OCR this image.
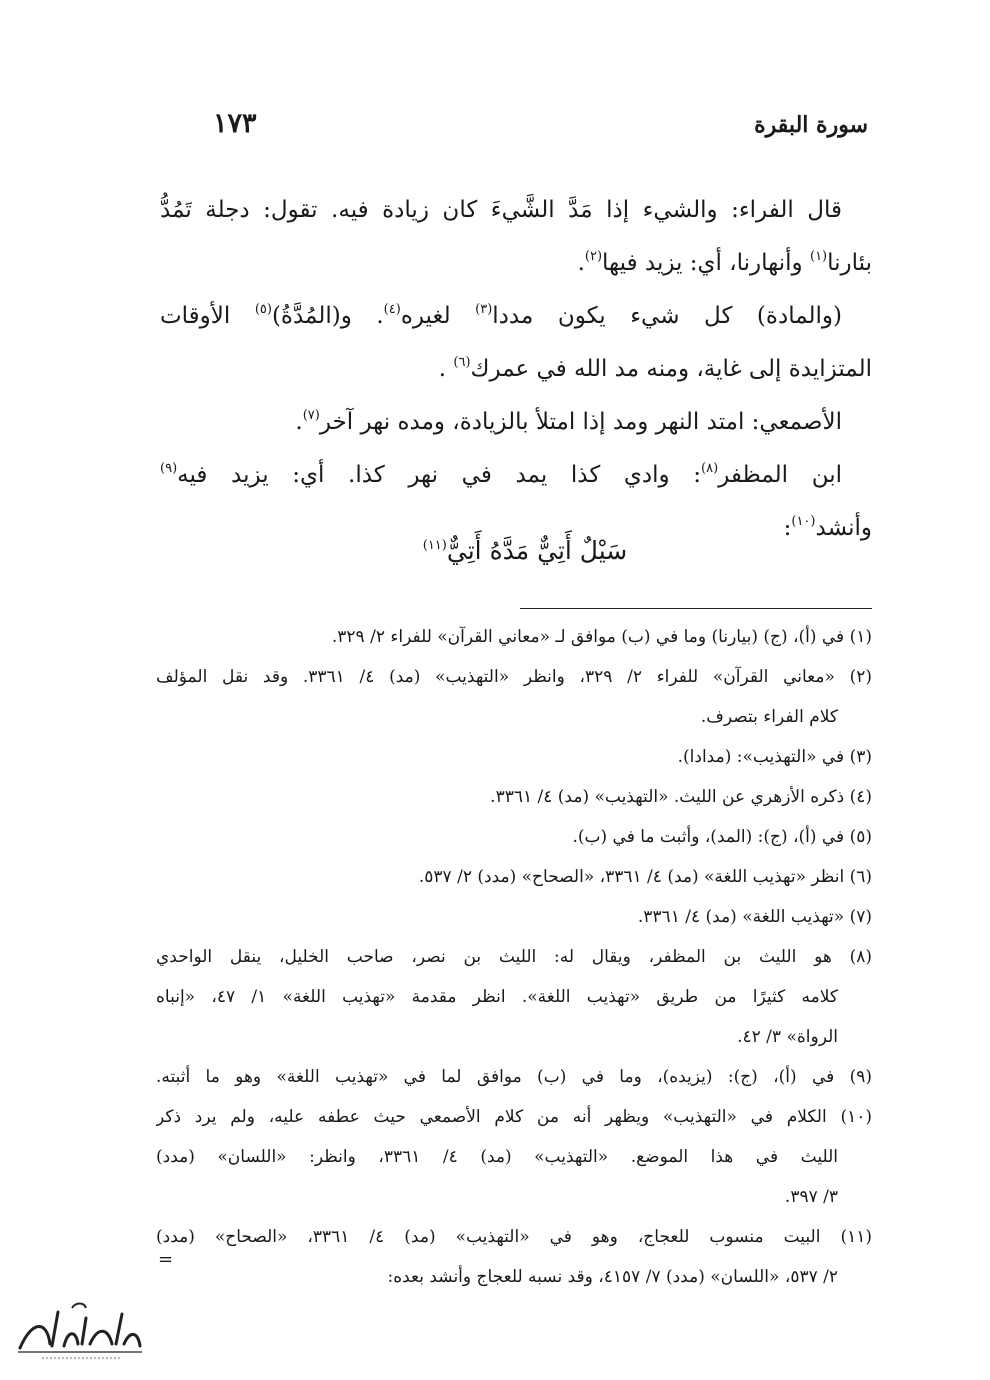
سورة البقرة
١٧٣
قال الفراء: والشيء إذا مَدَّ الشَّيءَ كان زيادة فيه. تقول: دجلة تَمُدُّ
بئارنا$^{(١)}$ وأنهارنا، أي: يزيد فيها$^{(٢)}$.
(والمادة) كل شيء يكون مددا$^{(٣)}$ لغيره$^{(٤)}$. و(المُدَّةُ)$^{(٥)}$ الأوقات
المتزايدة إلى غاية، ومنه مد الله في عمرك$^{(٦)}$ .
الأصمعي: امتد النهر ومد إذا امتلأ بالزيادة، ومده نهر آخر$^{(٧)}$.
ابن المظفر$^{(٨)}$: وادي كذا يمد في نهر كذا. أي: يزيد فيه$^{(٩)}$
وأنشد$^{(١٠)}$:
سَيْلٌ أَتِيٌّ مَدَّهُ أَتِيٌّ$^{(١١)}$
(١) في (أ)، (ج) (بيارنا) وما في (ب) موافق لـ «معاني القرآن» للفراء ٢/ ٣٢٩.
(٢) «معاني القرآن» للفراء ٢/ ٣٢٩، وانظر «التهذيب» (مد) ٤/ ٣٣٦١. وقد نقل المؤلف
كلام الفراء بتصرف.
(٣) في «التهذيب»: (مدادا).
(٤) ذكره الأزهري عن الليث. «التهذيب» (مد) ٤/ ٣٣٦١.
(٥) في (أ)، (ج): (المد)، وأثبت ما في (ب).
(٦) انظر «تهذيب اللغة» (مد) ٤/ ٣٣٦١، «الصحاح» (مدد) ٢/ ٥٣٧.
(٧) «تهذيب اللغة» (مد) ٤/ ٣٣٦١.
(٨) هو الليث بن المظفر، ويقال له: الليث بن نصر، صاحب الخليل، ينقل الواحدي
كلامه كثيرًا من طريق «تهذيب اللغة». انظر مقدمة «تهذيب اللغة» ١/ ٤٧، «إنباه
الرواة» ٣/ ٤٢.
(٩) في (أ)، (ج): (يزيده)، وما في (ب) موافق لما في «تهذيب اللغة» وهو ما أثبته.
(١٠) الكلام في «التهذيب» ويظهر أنه من كلام الأصمعي حيث عطفه عليه، ولم يرد ذكر
الليث في هذا الموضع. «التهذيب» (مد) ٤/ ٣٣٦١، وانظر: «اللسان» (مدد)
٣/ ٣٩٧.
(١١) البيت منسوب للعجاج، وهو في «التهذيب» (مد) ٤/ ٣٣٦١، «الصحاح» (مدد)
٢/ ٥٣٧، «اللسان» (مدد) ٧/ ٤١٥٧، وقد نسبه للعجاج وأنشد بعده:
=
